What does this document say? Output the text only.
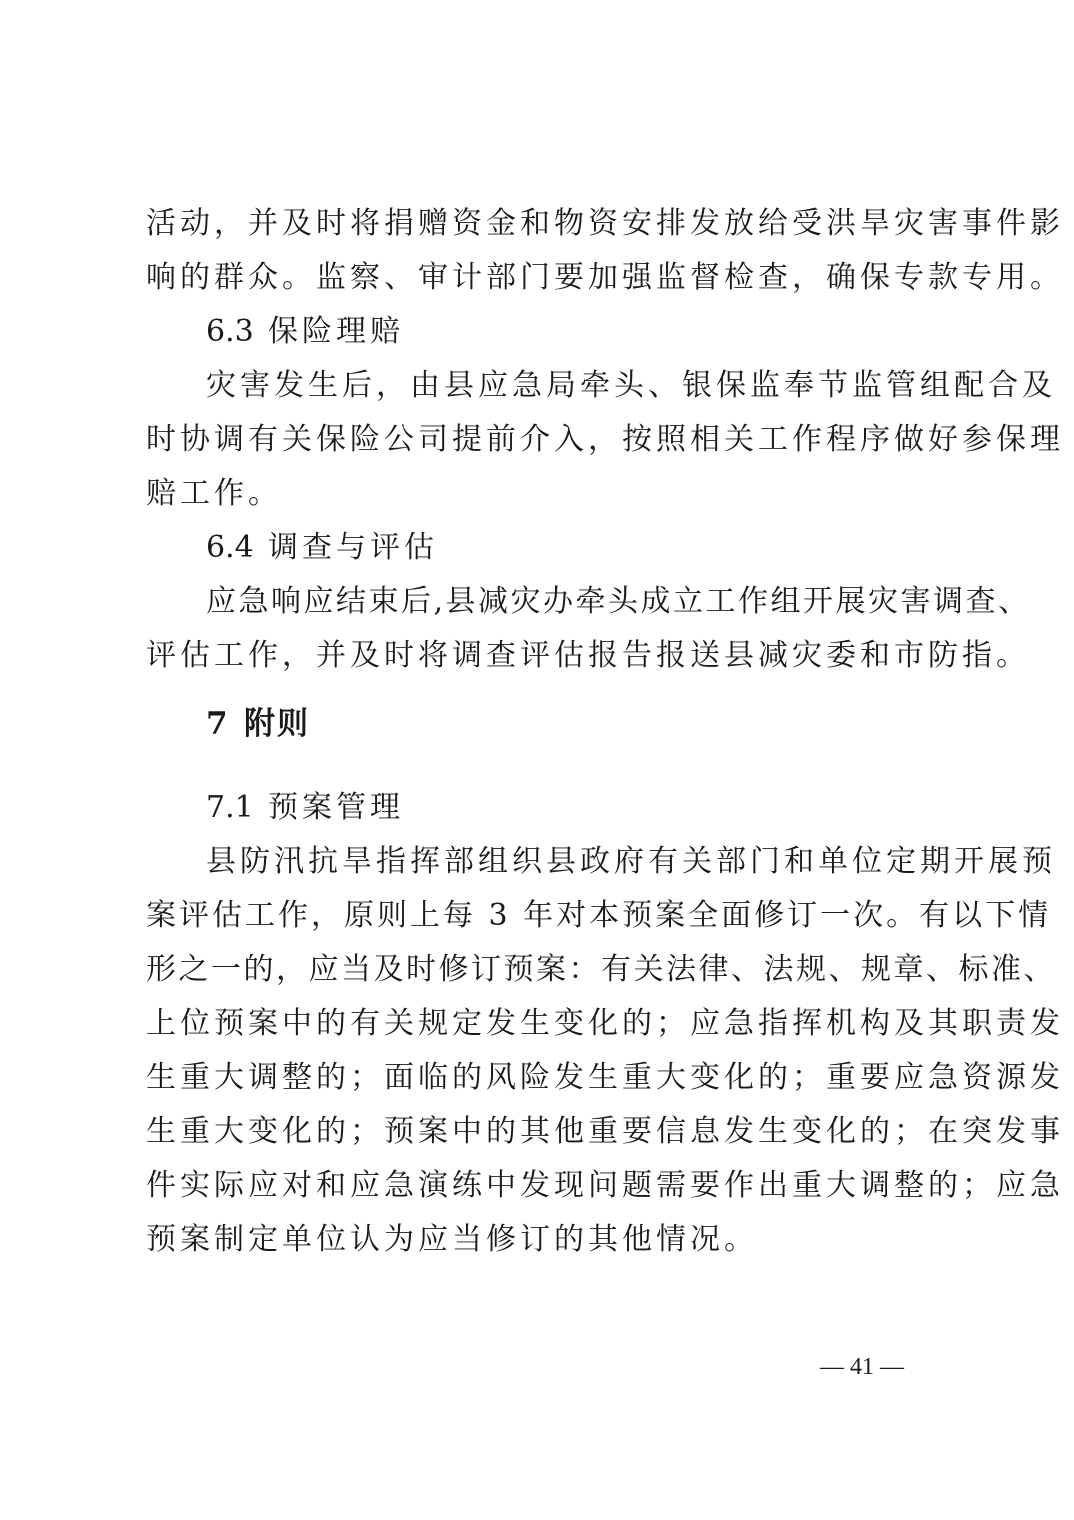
活动，并及时将捐赠资金和物资安排发放给受洪旱灾害事件影
响的群众。监察、审计部门要加强监督检查，确保专款专用。
6.3 保险理赔
灾害发生后，由县应急局牵头、银保监奉节监管组配合及
时协调有关保险公司提前介入，按照相关工作程序做好参保理
赔工作。
6.4 调查与评估
应急响应结束后,县减灾办牵头成立工作组开展灾害调查、
评估工作，并及时将调查评估报告报送县减灾委和市防指。
7 附则
7.1 预案管理
县防汛抗旱指挥部组织县政府有关部门和单位定期开展预
案评估工作，原则上每 3 年对本预案全面修订一次。有以下情
形之一的，应当及时修订预案：有关法律、法规、规章、标准、
上位预案中的有关规定发生变化的；应急指挥机构及其职责发
生重大调整的；面临的风险发生重大变化的；重要应急资源发
生重大变化的；预案中的其他重要信息发生变化的；在突发事
件实际应对和应急演练中发现问题需要作出重大调整的；应急
预案制定单位认为应当修订的其他情况。
— 41 —
